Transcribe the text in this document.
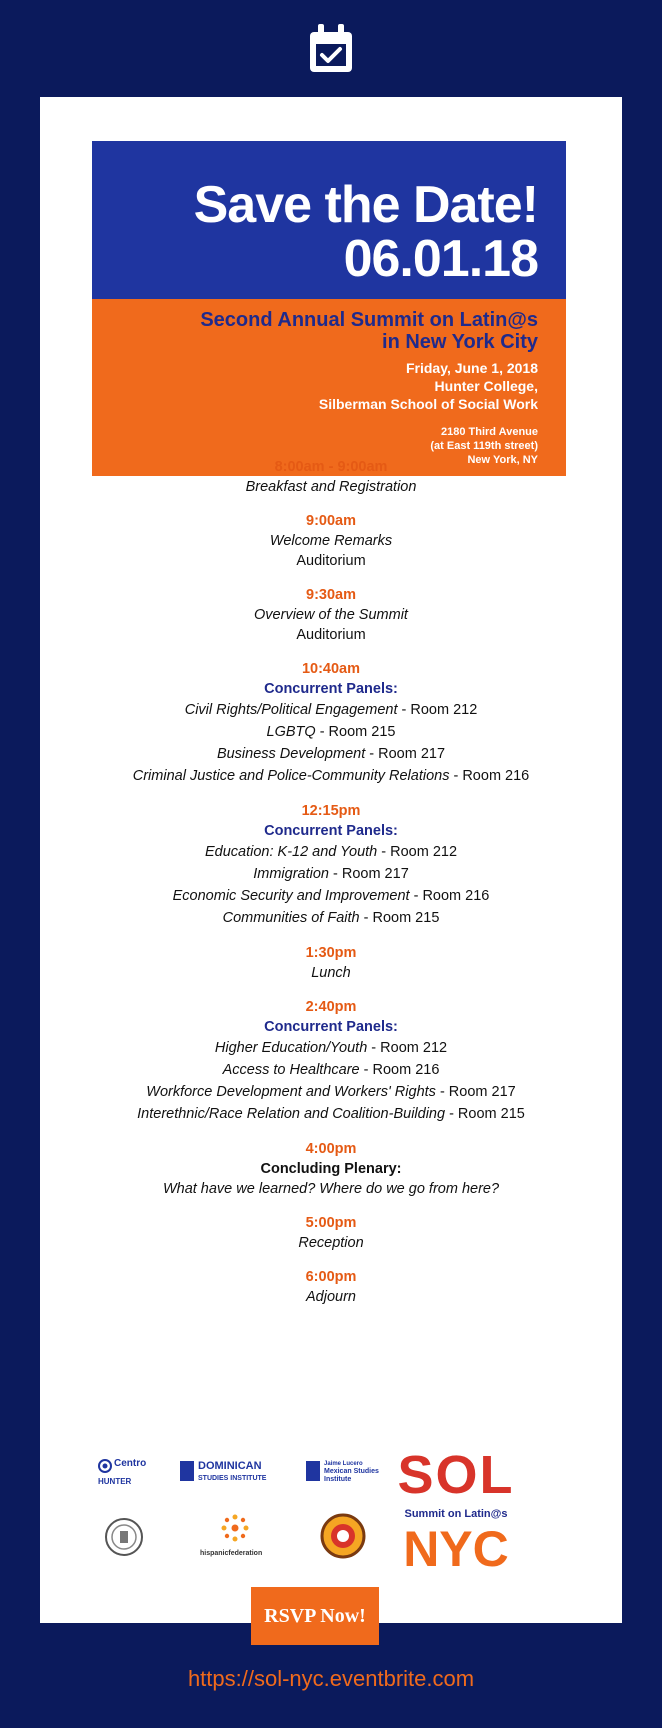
Save the Date!
06.01.18
Second Annual Summit on Latin@s
in New York City
Friday, June 1, 2018
Hunter College,
Silberman School of Social Work
2180 Third Avenue
(at East 119th street)
New York, NY
8:00am - 9:00am
Breakfast and Registration
9:00am
Welcome Remarks
Auditorium
9:30am
Overview of the Summit
Auditorium
10:40am
Concurrent Panels:
Civil Rights/Political Engagement - Room 212
LGBTQ - Room 215
Business Development - Room 217
Criminal Justice and Police-Community Relations - Room 216
12:15pm
Concurrent Panels:
Education: K-12 and Youth - Room 212
Immigration - Room 217
Economic Security and Improvement - Room 216
Communities of Faith - Room 215
1:30pm
Lunch
2:40pm
Concurrent Panels:
Higher Education/Youth - Room 212
Access to Healthcare - Room 216
Workforce Development and Workers' Rights - Room 217
Interethnic/Race Relation and Coalition-Building - Room 215
4:00pm
Concluding Plenary:
What have we learned? Where do we go from here?
5:00pm
Reception
6:00pm
Adjourn
Centro
HUNTER
DOMINICAN
STUDIES INSTITUTE
Jaime Lucero
Mexican Studies
Institute
hispanicfederation
SOL
Summit on Latin@s
NYC
RSVP Now!
https://sol-nyc.eventbrite.com
